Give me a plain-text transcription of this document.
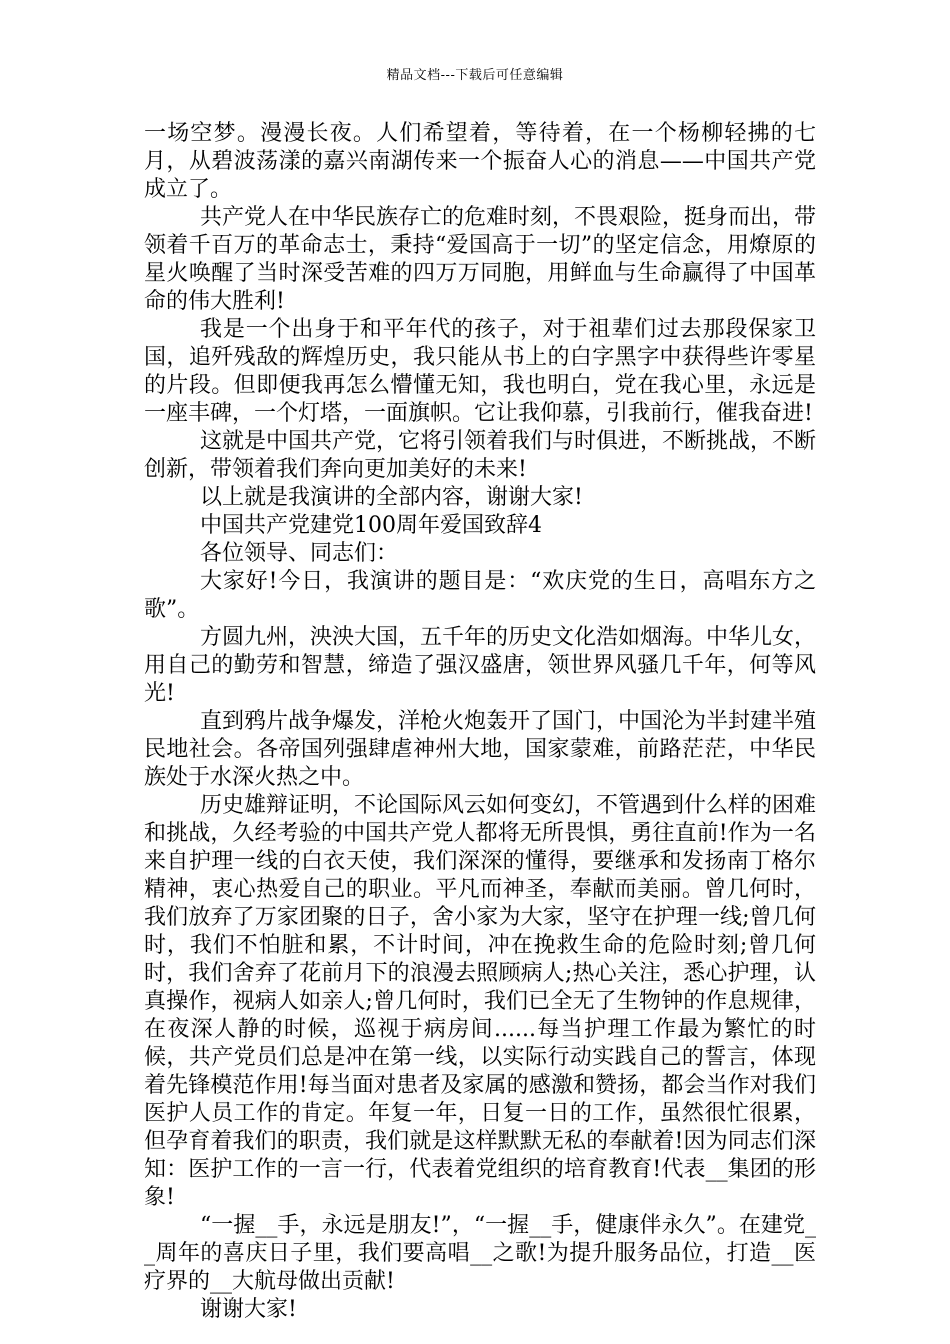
精品文档---下载后可任意编辑

一场空梦。漫漫长夜。人们希望着，等待着，在一个杨柳轻拂的七月，从碧波荡漾的嘉兴南湖传来一个振奋人心的消息——中国共产党成立了。

共产党人在中华民族存亡的危难时刻，不畏艰险，挺身而出，带领着千百万的革命志士，秉持“爱国高于一切”的坚定信念，用燎原的星火唤醒了当时深受苦难的四万万同胞，用鲜血与生命赢得了中国革命的伟大胜利!

我是一个出身于和平年代的孩子，对于祖辈们过去那段保家卫国，追歼残敌的辉煌历史，我只能从书上的白字黑字中获得些许零星的片段。但即便我再怎么懵懂无知，我也明白，党在我心里，永远是一座丰碑，一个灯塔，一面旗帜。它让我仰慕，引我前行，催我奋进!

这就是中国共产党，它将引领着我们与时俱进，不断挑战，不断创新，带领着我们奔向更加美好的未来!

以上就是我演讲的全部内容，谢谢大家!

中国共产党建党100周年爱国致辞4

各位领导、同志们：

大家好!今日，我演讲的题目是：“欢庆党的生日，高唱东方之歌”。

方圆九州，泱泱大国，五千年的历史文化浩如烟海。中华儿女，用自己的勤劳和智慧，缔造了强汉盛唐，领世界风骚几千年，何等风光!

直到鸦片战争爆发，洋枪火炮轰开了国门，中国沦为半封建半殖民地社会。各帝国列强肆虐神州大地，国家蒙难，前路茫茫，中华民族处于水深火热之中。

历史雄辩证明，不论国际风云如何变幻，不管遇到什么样的困难和挑战，久经考验的中国共产党人都将无所畏惧，勇往直前!作为一名来自护理一线的白衣天使，我们深深的懂得，要继承和发扬南丁格尔精神，衷心热爱自己的职业。平凡而神圣，奉献而美丽。曾几何时，我们放弃了万家团聚的日子，舍小家为大家，坚守在护理一线;曾几何时，我们不怕脏和累，不计时间，冲在挽救生命的危险时刻;曾几何时，我们舍弃了花前月下的浪漫去照顾病人;热心关注，悉心护理，认真操作，视病人如亲人;曾几何时，我们已全无了生物钟的作息规律，在夜深人静的时候，巡视于病房间......每当护理工作最为繁忙的时候，共产党员们总是冲在第一线，以实际行动实践自己的誓言，体现着先锋模范作用!每当面对患者及家属的感激和赞扬，都会当作对我们医护人员工作的肯定。年复一年，日复一日的工作，虽然很忙很累，但孕育着我们的职责，我们就是这样默默无私的奉献着!因为同志们深知：医护工作的一言一行，代表着党组织的培育教育!代表__集团的形象!

“一握__手，永远是朋友!”，“一握__手，健康伴永久”。在建党__周年的喜庆日子里，我们要高唱__之歌!为提升服务品位，打造__医疗界的__大航母做出贡献!

谢谢大家!
